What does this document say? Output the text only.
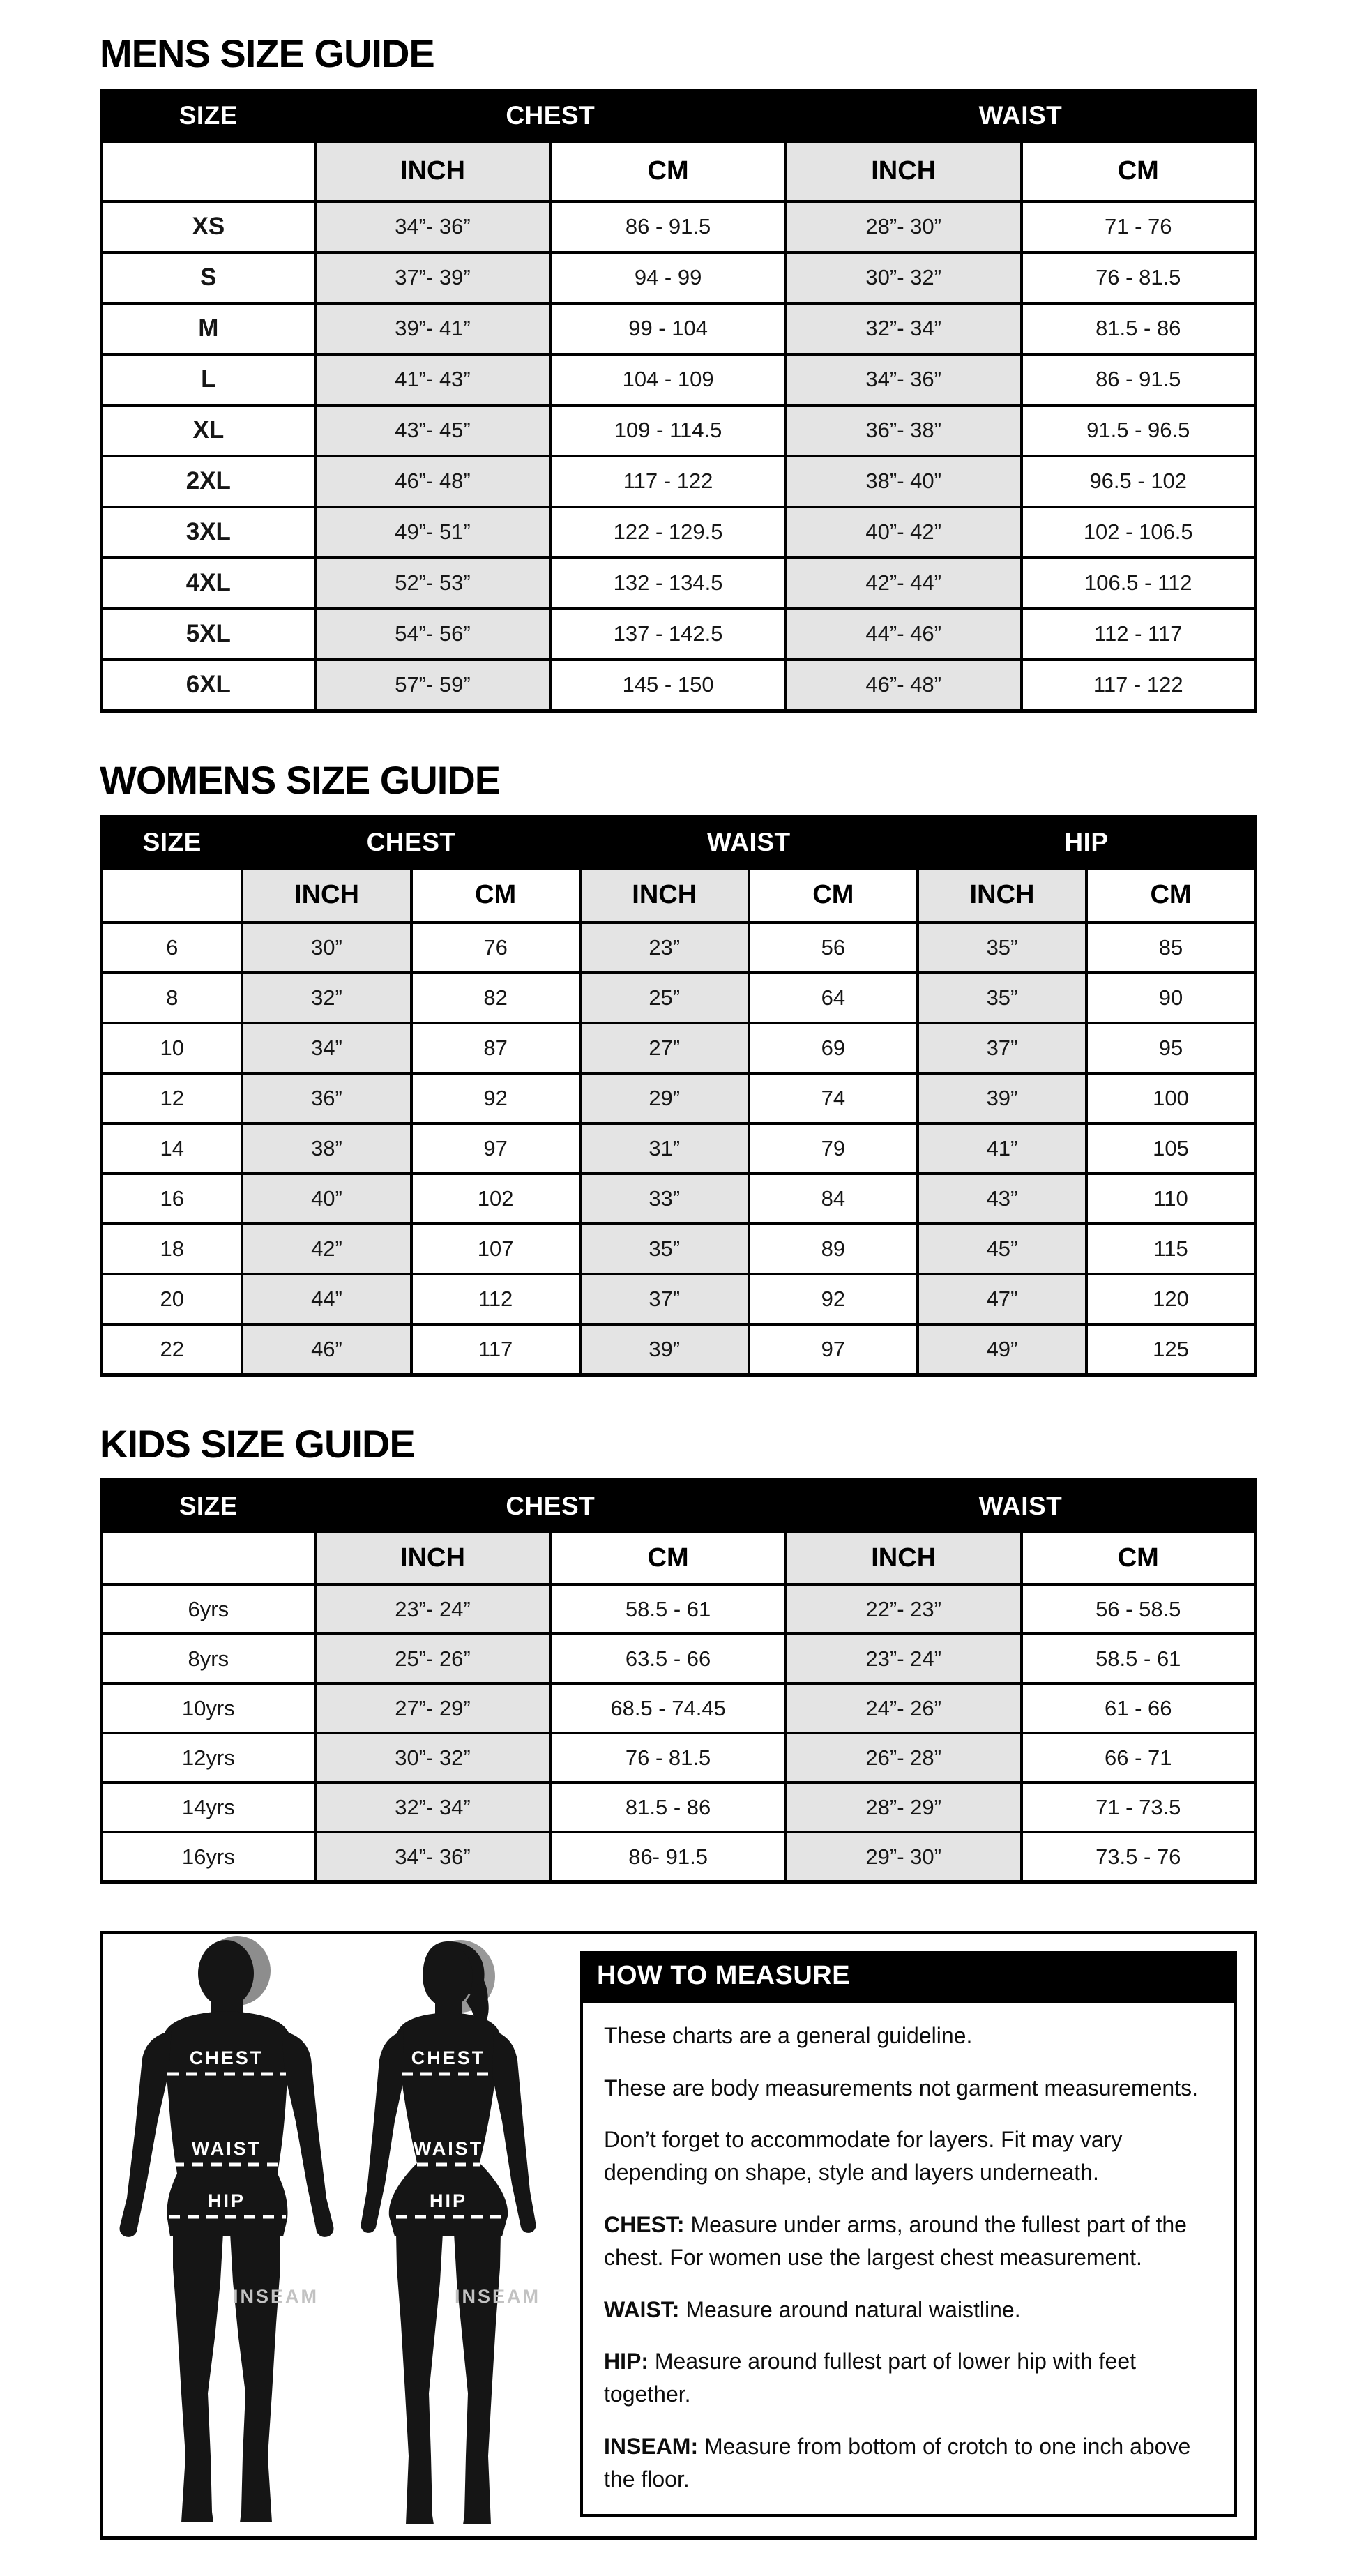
MENS SIZE GUIDE
SIZE	CHEST		WAIST	
	INCH	CM	INCH	CM
XS	34”- 36”	86 - 91.5	28”- 30”	71 - 76
S	37”- 39”	94 - 99	30”- 32”	76 - 81.5
M	39”- 41”	99 - 104	32”- 34”	81.5 - 86
L	41”- 43”	104 - 109	34”- 36”	86 - 91.5
XL	43”- 45”	109 - 114.5	36”- 38”	91.5 - 96.5
2XL	46”- 48”	117 - 122	38”- 40”	96.5 - 102
3XL	49”- 51”	122 - 129.5	40”- 42”	102 - 106.5
4XL	52”- 53”	132 - 134.5	42”- 44”	106.5 - 112
5XL	54”- 56”	137 - 142.5	44”- 46”	112 - 117
6XL	57”- 59”	145 - 150	46”- 48”	117 - 122
WOMENS SIZE GUIDE
SIZE	CHEST		WAIST		HIP	
	INCH	CM	INCH	CM	INCH	CM
6	30”	76	23”	56	35”	85
8	32”	82	25”	64	35”	90
10	34”	87	27”	69	37”	95
12	36”	92	29”	74	39”	100
14	38”	97	31”	79	41”	105
16	40”	102	33”	84	43”	110
18	42”	107	35”	89	45”	115
20	44”	112	37”	92	47”	120
22	46”	117	39”	97	49”	125
KIDS SIZE GUIDE
SIZE	CHEST		WAIST	
	INCH	CM	INCH	CM
6yrs	23”- 24”	58.5 - 61	22”- 23”	56 - 58.5
8yrs	25”- 26”	63.5 - 66	23”- 24”	58.5 - 61
10yrs	27”- 29”	68.5 - 74.45	24”- 26”	61 - 66
12yrs	30”- 32”	76 - 81.5	26”- 28”	66 - 71
14yrs	32”- 34”	81.5 - 86	28”- 29”	71 - 73.5
16yrs	34”- 36”	86- 91.5	29”- 30”	73.5 - 76
CHEST
WAIST
HIP
INSEAM
CHEST
WAIST
HIP
INSEAM
HOW TO MEASURE

These charts are a general guideline.

These are body measurements not garment measurements.

Don’t forget to accommodate for layers. Fit may vary depending on shape, style and layers underneath.

CHEST: Measure under arms, around the fullest part of the chest. For women use the largest chest measurement.

WAIST: Measure around natural waistline.

HIP: Measure around fullest part of lower hip with feet together.

INSEAM: Measure from bottom of crotch to one inch above the floor.
